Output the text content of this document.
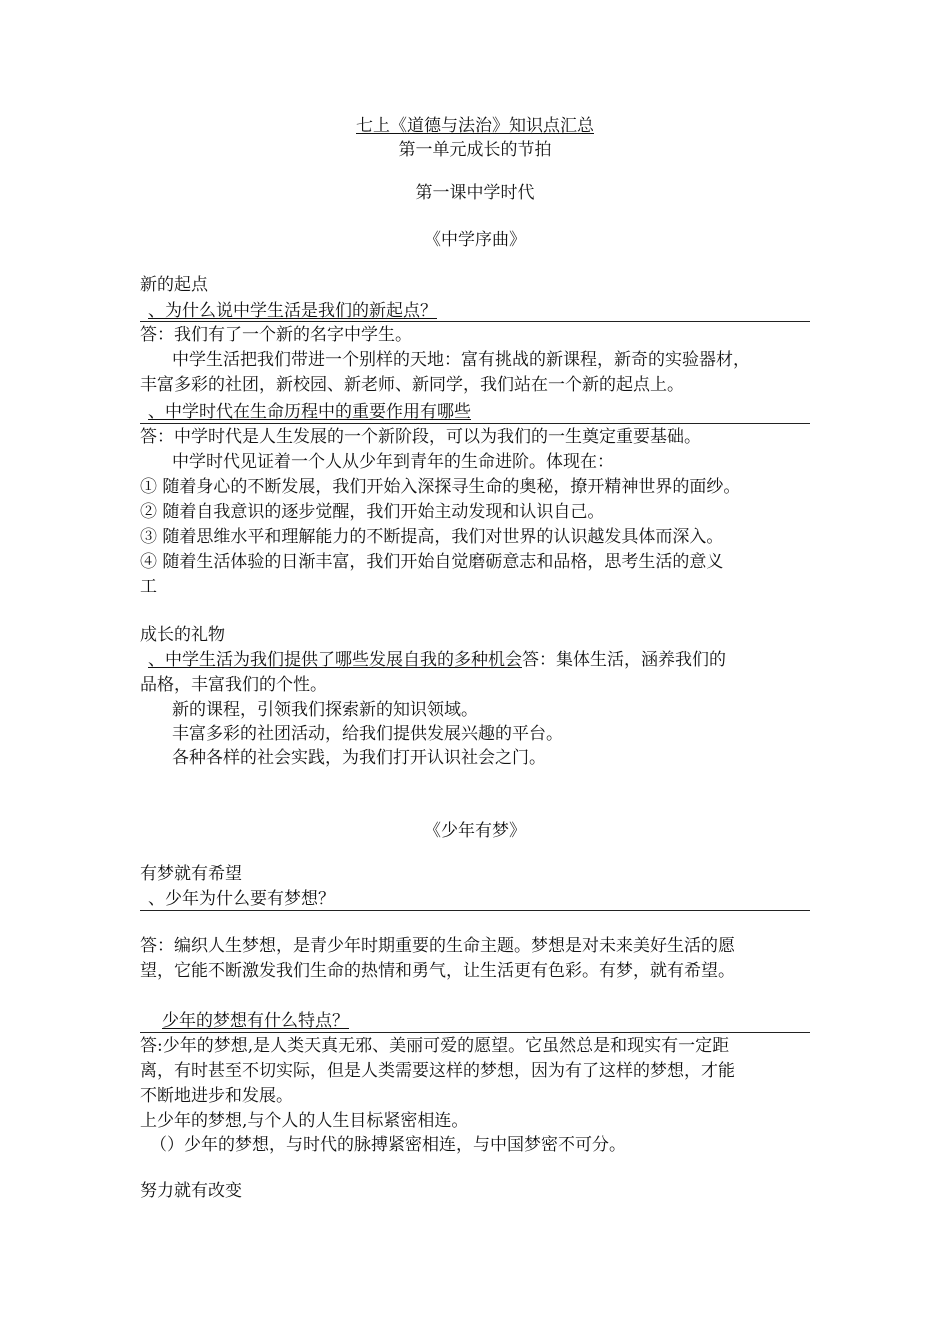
七上《道德与法治》知识点汇总
第一单元成长的节拍
第一课中学时代
《中学序曲》
新的起点
、为什么说中学生活是我们的新起点？
答：我们有了一个新的名字中学生。
中学生活把我们带进一个别样的天地：富有挑战的新课程，新奇的实验器材，
丰富多彩的社团，新校园、新老师、新同学，我们站在一个新的起点上。
、中学时代在生命历程中的重要作用有哪些
答：中学时代是人生发展的一个新阶段，可以为我们的一生奠定重要基础。
中学时代见证着一个人从少年到青年的生命进阶。体现在：
① 随着身心的不断发展，我们开始入深探寻生命的奥秘，撩开精神世界的面纱。
② 随着自我意识的逐步觉醒，我们开始主动发现和认识自己。
③ 随着思维水平和理解能力的不断提高，我们对世界的认识越发具体而深入。
④ 随着生活体验的日渐丰富，我们开始自觉磨砺意志和品格，思考生活的意义
工
成长的礼物
、中学生活为我们提供了哪些发展自我的多种机会答：集体生活，涵养我们的
品格，丰富我们的个性。
新的课程，引领我们探索新的知识领域。
丰富多彩的社团活动，给我们提供发展兴趣的平台。
各种各样的社会实践，为我们打开认识社会之门。
《少年有梦》
有梦就有希望
、少年为什么要有梦想？
答：编织人生梦想，是青少年时期重要的生命主题。梦想是对未来美好生活的愿
望，它能不断激发我们生命的热情和勇气，让生活更有色彩。有梦，就有希望。
少年的梦想有什么特点？
答:少年的梦想,是人类天真无邪、美丽可爱的愿望。它虽然总是和现实有一定距
离，有时甚至不切实际，但是人类需要这样的梦想，因为有了这样的梦想，才能
不断地进步和发展。
上少年的梦想,与个人的人生目标紧密相连。
（）少年的梦想，与时代的脉搏紧密相连，与中国梦密不可分。
努力就有改变
